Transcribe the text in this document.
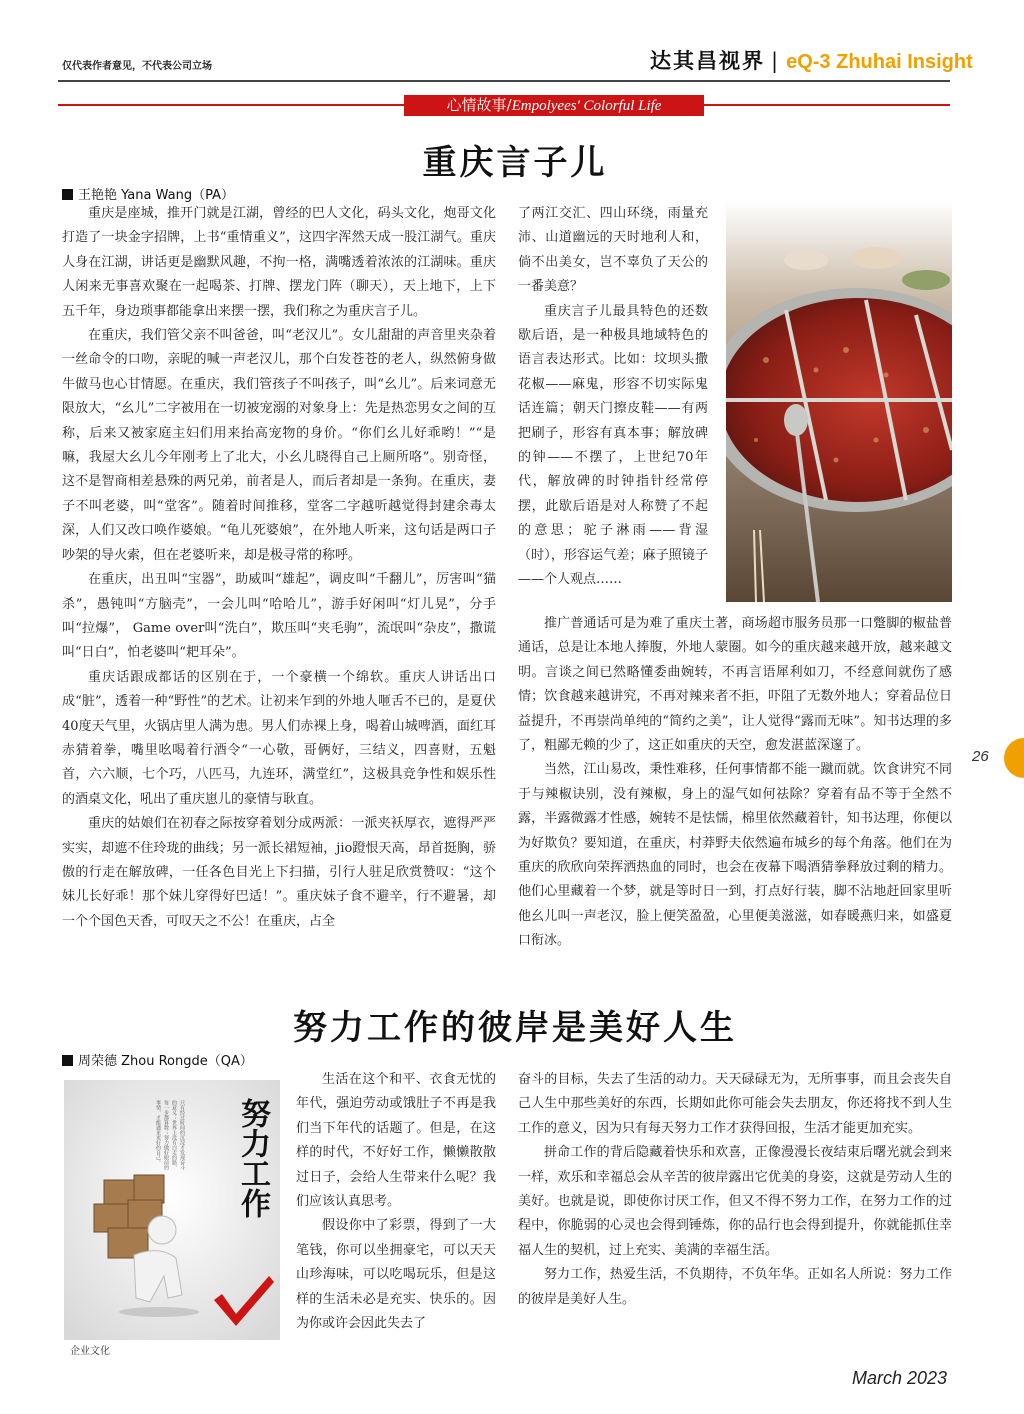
仅代表作者意见，不代表公司立场	达其昌视界 | eQ-3 Zhuhai Insight
心情故事/Empolyees' Colorful Life
重庆言子儿
王艳艳 Yana Wang（PA）

重庆是座城，推开门就是江湖，曾经的巴人文化，码头文化，炮哥文化打造了一块金字招牌，上书“重情重义”，这四字浑然天成一股江湖气。重庆人身在江湖，讲话更是幽默风趣，不拘一格，满嘴透着浓浓的江湖味。重庆人闲来无事喜欢聚在一起喝茶、打牌、摆龙门阵（聊天），天上地下，上下五千年，身边琐事都能拿出来摆一摆，我们称之为重庆言子儿。

在重庆，我们管父亲不叫爸爸，叫“老汉儿”。女儿甜甜的声音里夹杂着一丝命令的口吻，亲昵的喊一声老汉儿，那个白发苍苍的老人，纵然俯身做牛做马也心甘情愿。在重庆，我们管孩子不叫孩子，叫“幺儿”。后来词意无限放大，“幺儿”二字被用在一切被宠溺的对象身上：先是热恋男女之间的互称，后来又被家庭主妇们用来抬高宠物的身价。“你们幺儿好乖哟！”“是嘛，我屋大幺儿今年刚考上了北大，小幺儿晓得自己上厕所咯”。别奇怪，这不是智商相差悬殊的两兄弟，前者是人，而后者却是一条狗。在重庆，妻子不叫老婆，叫“堂客”。随着时间推移，堂客二字越听越觉得封建余毒太深，人们又改口唤作婆娘。“龟儿死婆娘”，在外地人听来，这句话是两口子吵架的导火索，但在老婆听来，却是极寻常的称呼。

在重庆，出丑叫“宝器”，助威叫“雄起”，调皮叫“千翻儿”，厉害叫“猫杀”，愚钝叫“方脑壳”，一会儿叫“哈哈儿”，游手好闲叫“灯儿晃”，分手叫“拉爆”， Game over叫“洗白”，欺压叫“夹毛驹”，流氓叫“杂皮”，撒谎叫“日白”，怕老婆叫“耙耳朵”。

重庆话跟成都话的区别在于，一个豪横一个绵软。重庆人讲话出口成“脏”，透着一种“野性”的艺术。让初来乍到的外地人咂舌不已的，是夏伏40度天气里，火锅店里人满为患。男人们赤裸上身，喝着山城啤酒，面红耳赤猜着拳，嘴里吆喝着行酒令“一心敬，哥俩好，三结义，四喜财，五魁首，六六顺，七个巧，八匹马，九连环，满堂红”，这极具竞争性和娱乐性的酒桌文化，吼出了重庆崽儿的豪情与耿直。

重庆的姑娘们在初春之际按穿着划分成两派：一派夹袄厚衣，遮得严严实实，却遮不住玲珑的曲线；另一派长裙短袖，jio蹬恨天高，昂首挺胸，骄傲的行走在解放碑，一任各色目光上下扫描，引行人驻足欣赏赞叹：“这个妹儿长好乖！那个妹儿穿得好巴适！”。重庆妹子食不避辛，行不避暑，却一个个国色天香，可叹天之不公！在重庆，占全

了两江交汇、四山环绕，雨量充沛、山道幽远的天时地利人和，倘不出美女，岂不辜负了天公的一番美意？

重庆言子儿最具特色的还数歇后语，是一种极具地域特色的语言表达形式。比如：坟坝头撒花椒——麻鬼，形容不切实际鬼话连篇；朝天门擦皮鞋——有两把刷子，形容有真本事；解放碑的钟——不摆了，上世纪70年代，解放碑的时钟指针经常停摆，此歇后语是对人称赞了不起的意思；驼子淋雨——背湿（时），形容运气差；麻子照镜子——个人观点……

推广普通话可是为难了重庆土著，商场超市服务员那一口蹩脚的椒盐普通话，总是让本地人捧腹，外地人蒙圈。如今的重庆越来越开放，越来越文明。言谈之间已然略懂委曲婉转，不再言语犀利如刀，不经意间就伤了感情；饮食越来越讲究，不再对辣来者不拒，吓阻了无数外地人；穿着品位日益提升，不再崇尚单纯的“简约之美”，让人觉得“露而无味”。知书达理的多了，粗鄙无赖的少了，这正如重庆的天空，愈发湛蓝深邃了。

当然，江山易改，秉性难移，任何事情都不能一蹴而就。饮食讲究不同于与辣椒诀别，没有辣椒，身上的湿气如何祛除？穿着有品不等于全然不露，半露微露才性感，婉转不是怯懦，棉里依然藏着针，知书达理，你便以为好欺负？要知道，在重庆，村莽野夫依然遍布城乡的每个角落。他们在为重庆的欣欣向荣挥洒热血的同时，也会在夜幕下喝酒猜拳释放过剩的精力。他们心里藏着一个梦，就是等时日一到，打点好行装，脚不沾地赶回家里听他幺儿叫一声老汉，脸上便笑盈盈，心里便美滋滋，如春暖燕归来，如盛夏口衔冰。

努力工作的彼岸是美好人生
周荣德 Zhou Rongde（QA）
努力工作
只有经过时间的沉淀才发现奋斗的意义；世界上没有白走的路，每一步都算数；努力做好眼前的事情，才能遇见更好的自己。
企业文化

生活在这个和平、衣食无忧的年代，强迫劳动或饿肚子不再是我们当下年代的话题了。但是，在这样的时代，不好好工作，懒懒散散过日子，会给人生带来什么呢？我们应该认真思考。

假设你中了彩票，得到了一大笔钱，你可以坐拥豪宅，可以天天山珍海味，可以吃喝玩乐，但是这样的生活未必是充实、快乐的。因为你或许会因此失去了

奋斗的目标，失去了生活的动力。天天碌碌无为，无所事事，而且会丧失自己人生中那些美好的东西，长期如此你可能会失去朋友，你还将找不到人生工作的意义，因为只有每天努力工作才获得回报，生活才能更加充实。

拼命工作的背后隐藏着快乐和欢喜，正像漫漫长夜结束后曙光就会到来一样，欢乐和幸福总会从辛苦的彼岸露出它优美的身姿，这就是劳动人生的美好。也就是说，即使你讨厌工作，但又不得不努力工作，在努力工作的过程中，你脆弱的心灵也会得到锤炼，你的品行也会得到提升，你就能抓住幸福人生的契机，过上充实、美满的幸福生活。

努力工作，热爱生活，不负期待，不负年华。正如名人所说：努力工作的彼岸是美好人生。

26
March 2023
